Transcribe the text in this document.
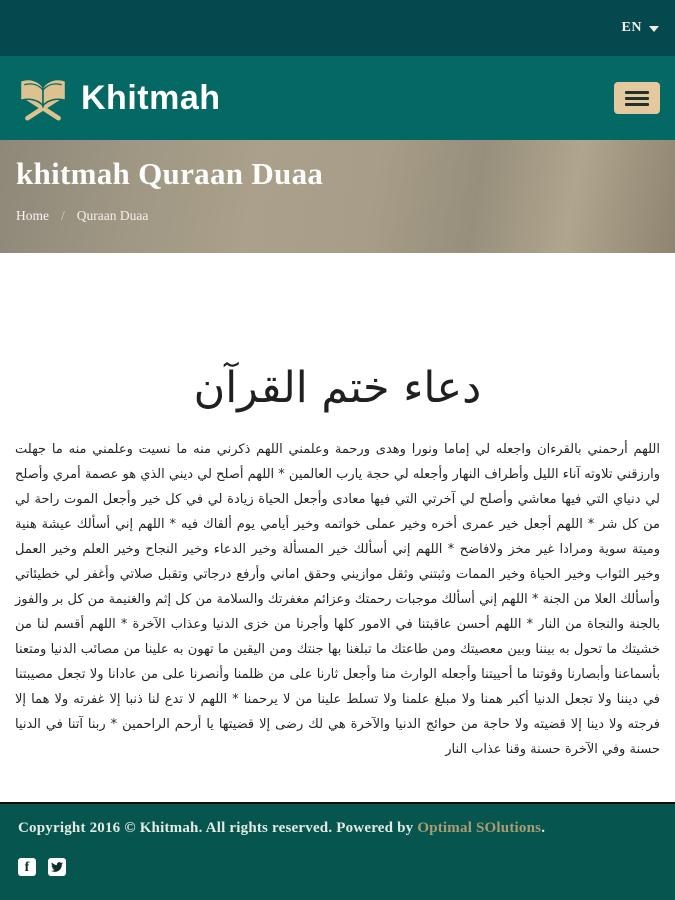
EN
Khitmah
khitmah Quraan Duaa
Home / Quraan Duaa
دعاء ختم القرآن

اللهم أرحمني بالقرءان واجعله لي إماما ونورا وهدى ورحمة وعلمني اللهم ذكرني منه ما نسيت وعلمني منه ما جهلت وارزقني تلاوته آناء الليل وأطراف النهار وأجعله لي حجة يارب العالمين * اللهم أصلح لي ديني الذي هو عصمة أمري وأصلح لي دنياي التي فيها معاشي وأصلح لي آخرتي التي فيها معادى وأجعل الحياة زيادة لي في كل خير وأجعل الموت راحة لي من كل شر * اللهم أجعل خير عمرى أخره وخير عملى خواتمه وخير أيامي يوم ألقاك فيه * اللهم إني أسألك عيشة هنية وميتة سوية ومرادا غير مخز ولافاضح * اللهم إني أسألك خير المسألة وخير الدعاء وخير النجاح وخير العلم وخير العمل وخير الثواب وخير الحياة وخير الممات وثبتني وثقل موازيني وحقق اماني وأرفع درجاتي وتقبل صلاتي وأغفر لي خطيئاتي وأسألك العلا من الجنة * اللهم إني أسألك موجبات رحمتك وعزائم مغفرتك والسلامة من كل إثم والغنيمة من كل بر والفوز بالجنة والنجاة من النار * اللهم أحسن عاقبتنا في الامور كلها وأجرنا من خزى الدنيا وعذاب الآخرة * اللهم أقسم لنا من خشيتك ما تحول به بيننا وبين معصيتك ومن طاعتك ما تبلغنا بها جنتك ومن اليقين ما تهون به علينا من مصائب الدنيا ومتعنا بأسماعنا وأبصارنا وقوتنا ما أحييتنا وأجعله الوارث منا وأجعل ثارنا على من ظلمنا وأنصرنا على من عادانا ولا تجعل مصيبتنا في ديننا ولا تجعل الدنيا أكبر همنا ولا مبلغ علمنا ولا تسلط علينا من لا يرحمنا * اللهم لا تدع لنا ذنبا إلا غفرته ولا هما إلا فرجته ولا دينا إلا قضيته ولا حاجة من حوائج الدنيا والآخرة هي لك رضى إلا قضيتها يا أرحم الراحمين * ربنا آتنا في الدنيا حسنة وفي الآخرة حسنة وقنا عذاب النار

Copyright 2016 © Khitmah. All rights reserved. Powered by Optimal SOlutions.
f
